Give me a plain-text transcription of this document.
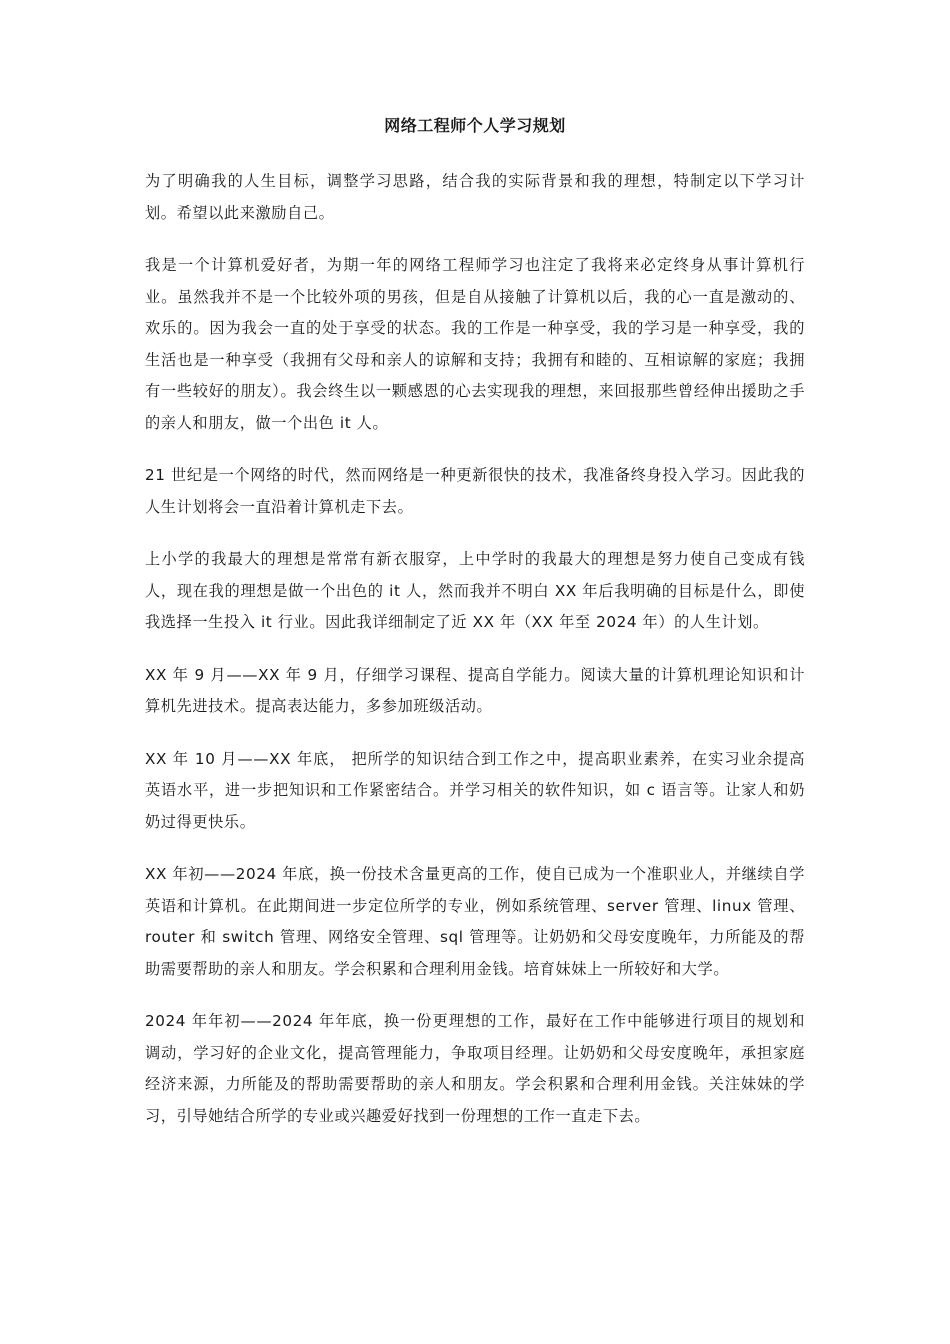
网络工程师个人学习规划

为了明确我的人生目标，调整学习思路，结合我的实际背景和我的理想，特制定以下学习计划。希望以此来激励自己。

我是一个计算机爱好者，为期一年的网络工程师学习也注定了我将来必定终身从事计算机行业。虽然我并不是一个比较外项的男孩，但是自从接触了计算机以后，我的心一直是激动的、欢乐的。因为我会一直的处于享受的状态。我的工作是一种享受，我的学习是一种享受，我的生活也是一种享受（我拥有父母和亲人的谅解和支持；我拥有和睦的、互相谅解的家庭；我拥有一些较好的朋友）。我会终生以一颗感恩的心去实现我的理想，来回报那些曾经伸出援助之手的亲人和朋友，做一个出色 it 人。

21 世纪是一个网络的时代，然而网络是一种更新很快的技术，我准备终身投入学习。因此我的人生计划将会一直沿着计算机走下去。

上小学的我最大的理想是常常有新衣服穿，上中学时的我最大的理想是努力使自己变成有钱人，现在我的理想是做一个出色的 it 人，然而我并不明白 XX 年后我明确的目标是什么，即使我选择一生投入 it 行业。因此我详细制定了近 XX 年（XX 年至 2024 年）的人生计划。

XX 年 9 月——XX 年 9 月，仔细学习课程、提高自学能力。阅读大量的计算机理论知识和计算机先进技术。提高表达能力，多参加班级活动。

XX 年 10 月——XX 年底， 把所学的知识结合到工作之中，提高职业素养，在实习业余提高英语水平，进一步把知识和工作紧密结合。并学习相关的软件知识，如 c 语言等。让家人和奶奶过得更快乐。

XX 年初——2024 年底，换一份技术含量更高的工作，使自已成为一个准职业人，并继续自学英语和计算机。在此期间进一步定位所学的专业，例如系统管理、server 管理、linux 管理、router 和 switch 管理、网络安全管理、sql 管理等。让奶奶和父母安度晚年，力所能及的帮助需要帮助的亲人和朋友。学会积累和合理利用金钱。培育妹妹上一所较好和大学。

2024 年年初——2024 年年底，换一份更理想的工作，最好在工作中能够进行项目的规划和调动，学习好的企业文化，提高管理能力，争取项目经理。让奶奶和父母安度晚年，承担家庭经济来源，力所能及的帮助需要帮助的亲人和朋友。学会积累和合理利用金钱。关注妹妹的学习，引导她结合所学的专业或兴趣爱好找到一份理想的工作一直走下去。
